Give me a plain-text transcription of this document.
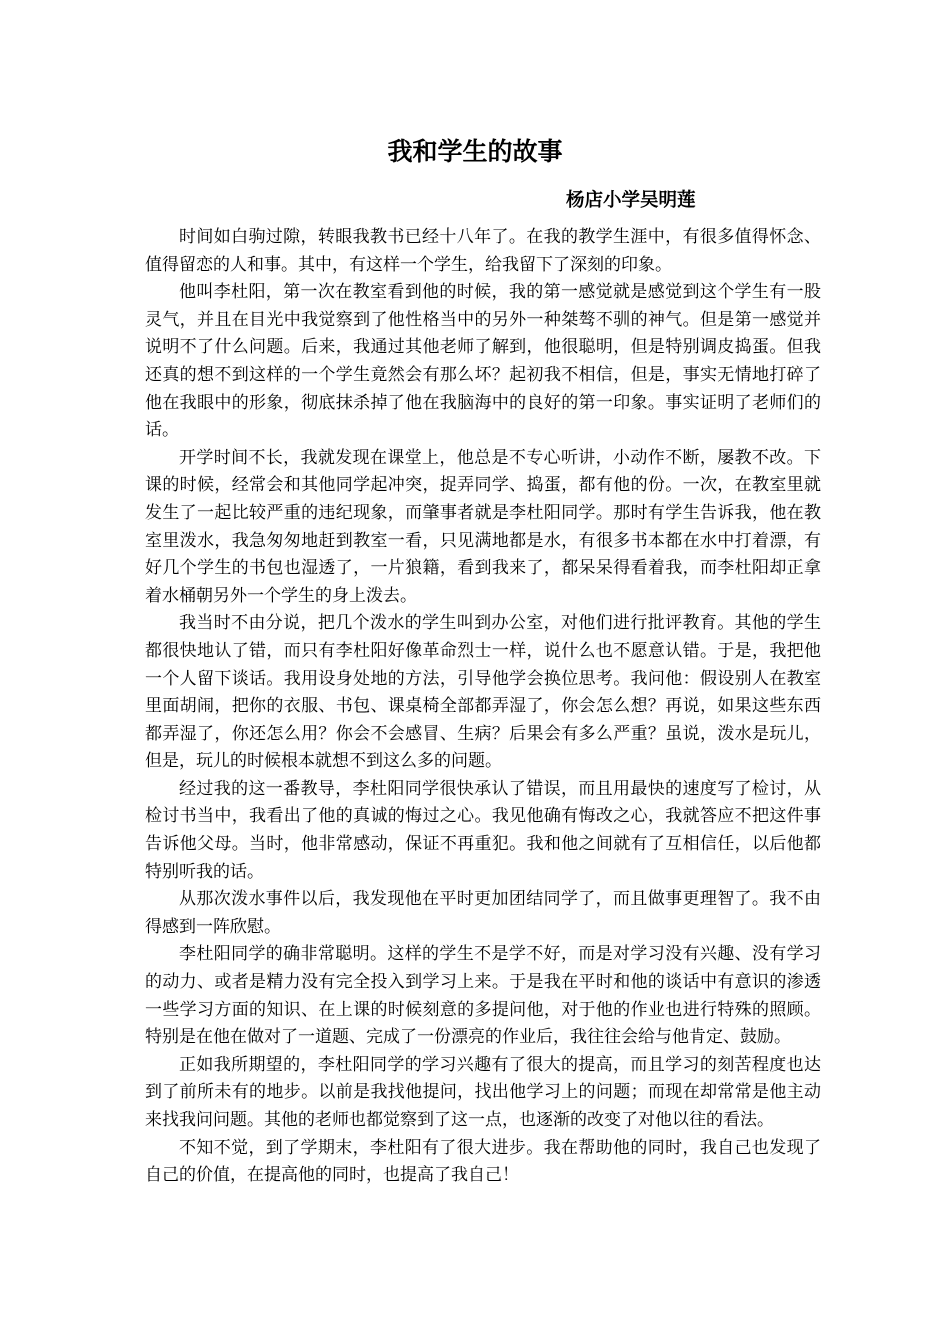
我和学生的故事
杨店小学吴明莲

时间如白驹过隙，转眼我教书已经十八年了。在我的教学生涯中，有很多值得怀念、值得留恋的人和事。其中，有这样一个学生，给我留下了深刻的印象。

他叫李杜阳，第一次在教室看到他的时候，我的第一感觉就是感觉到这个学生有一股灵气，并且在目光中我觉察到了他性格当中的另外一种桀骜不驯的神气。但是第一感觉并说明不了什么问题。后来，我通过其他老师了解到，他很聪明，但是特别调皮捣蛋。但我还真的想不到这样的一个学生竟然会有那么坏？起初我不相信，但是，事实无情地打碎了他在我眼中的形象，彻底抹杀掉了他在我脑海中的良好的第一印象。事实证明了老师们的话。

开学时间不长，我就发现在课堂上，他总是不专心听讲，小动作不断，屡教不改。下课的时候，经常会和其他同学起冲突，捉弄同学、捣蛋，都有他的份。一次，在教室里就发生了一起比较严重的违纪现象，而肇事者就是李杜阳同学。那时有学生告诉我，他在教室里泼水，我急匆匆地赶到教室一看，只见满地都是水，有很多书本都在水中打着漂，有好几个学生的书包也湿透了，一片狼籍，看到我来了，都呆呆得看着我，而李杜阳却正拿着水桶朝另外一个学生的身上泼去。

我当时不由分说，把几个泼水的学生叫到办公室，对他们进行批评教育。其他的学生都很快地认了错，而只有李杜阳好像革命烈士一样，说什么也不愿意认错。于是，我把他一个人留下谈话。我用设身处地的方法，引导他学会换位思考。我问他：假设别人在教室里面胡闹，把你的衣服、书包、课桌椅全部都弄湿了，你会怎么想？再说，如果这些东西都弄湿了，你还怎么用？你会不会感冒、生病？后果会有多么严重？虽说，泼水是玩儿，但是，玩儿的时候根本就想不到这么多的问题。

经过我的这一番教导，李杜阳同学很快承认了错误，而且用最快的速度写了检讨，从检讨书当中，我看出了他的真诚的悔过之心。我见他确有悔改之心，我就答应不把这件事告诉他父母。当时，他非常感动，保证不再重犯。我和他之间就有了互相信任，以后他都特别听我的话。

从那次泼水事件以后，我发现他在平时更加团结同学了，而且做事更理智了。我不由得感到一阵欣慰。

李杜阳同学的确非常聪明。这样的学生不是学不好，而是对学习没有兴趣、没有学习的动力、或者是精力没有完全投入到学习上来。于是我在平时和他的谈话中有意识的渗透一些学习方面的知识、在上课的时候刻意的多提问他，对于他的作业也进行特殊的照顾。特别是在他在做对了一道题、完成了一份漂亮的作业后，我往往会给与他肯定、鼓励。

正如我所期望的，李杜阳同学的学习兴趣有了很大的提高，而且学习的刻苦程度也达到了前所未有的地步。以前是我找他提问，找出他学习上的问题；而现在却常常是他主动来找我问问题。其他的老师也都觉察到了这一点，也逐渐的改变了对他以往的看法。

不知不觉，到了学期末，李杜阳有了很大进步。我在帮助他的同时，我自己也发现了自己的价值，在提高他的同时，也提高了我自己！
